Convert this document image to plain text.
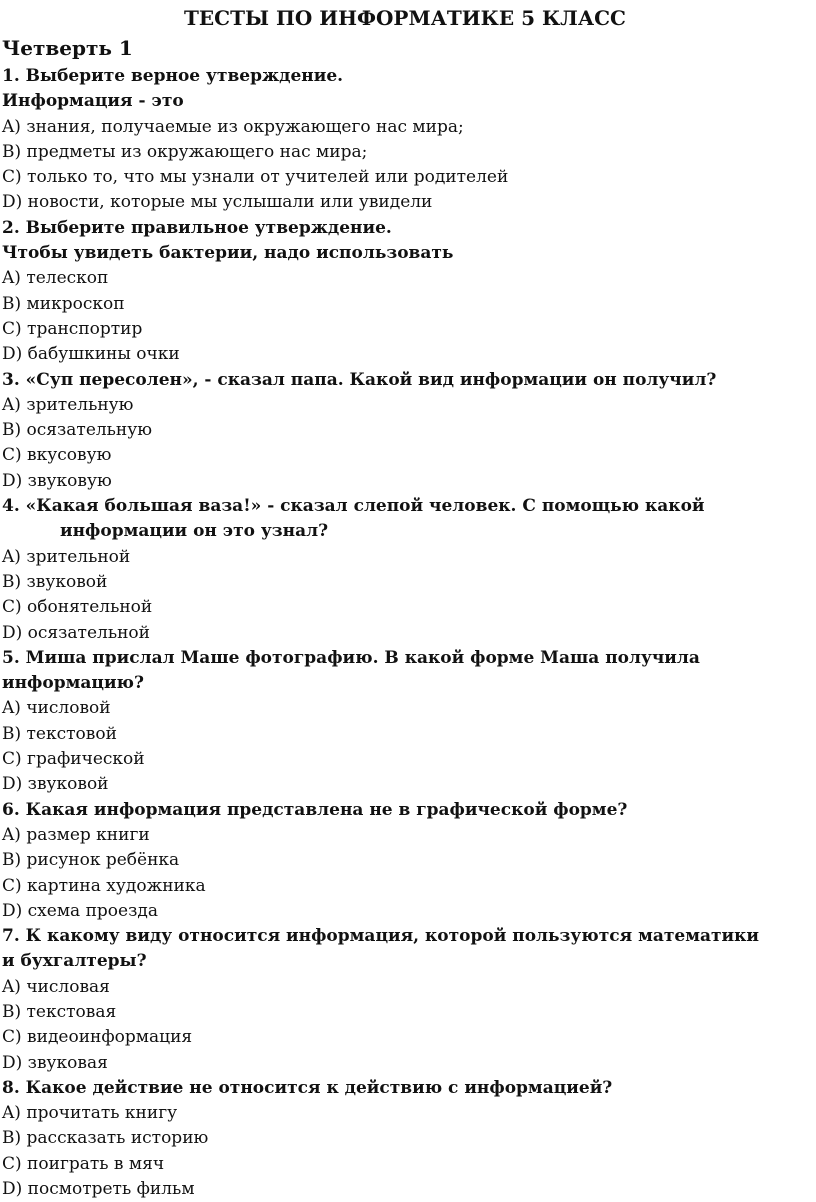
ТЕСТЫ ПО ИНФОРМАТИКЕ 5 КЛАСС
Четверть 1
1. Выберите верное утверждение.
Информация - это
A) знания, получаемые из окружающего нас мира;
B) предметы из окружающего нас мира;
C) только то, что мы узнали от учителей или родителей
D) новости, которые мы услышали или увидели
2. Выберите правильное утверждение.
Чтобы увидеть бактерии, надо использовать
A) телескоп
B) микроскоп
C) транспортир
D) бабушкины очки
3. «Суп пересолен», - сказал папа. Какой вид информации он получил?
A) зрительную
B) осязательную
C) вкусовую
D) звуковую
4. «Какая большая ваза!» - сказал слепой человек. С помощью какой информации он это узнал?
A) зрительной
B) звуковой
C) обонятельной
D) осязательной
5. Миша прислал Маше фотографию. В какой форме Маша получила информацию?
A) числовой
B) текстовой
C) графической
D) звуковой
6. Какая информация представлена не в графической форме?
A) размер книги
B) рисунок ребёнка
C) картина художника
D) схема проезда
7. К какому виду относится информация, которой пользуются математики и бухгалтеры?
A) числовая
B) текстовая
C) видеоинформация
D) звуковая
8. Какое действие не относится к действию с информацией?
A) прочитать книгу
B) рассказать историю
C) поиграть в мяч
D) посмотреть фильм
